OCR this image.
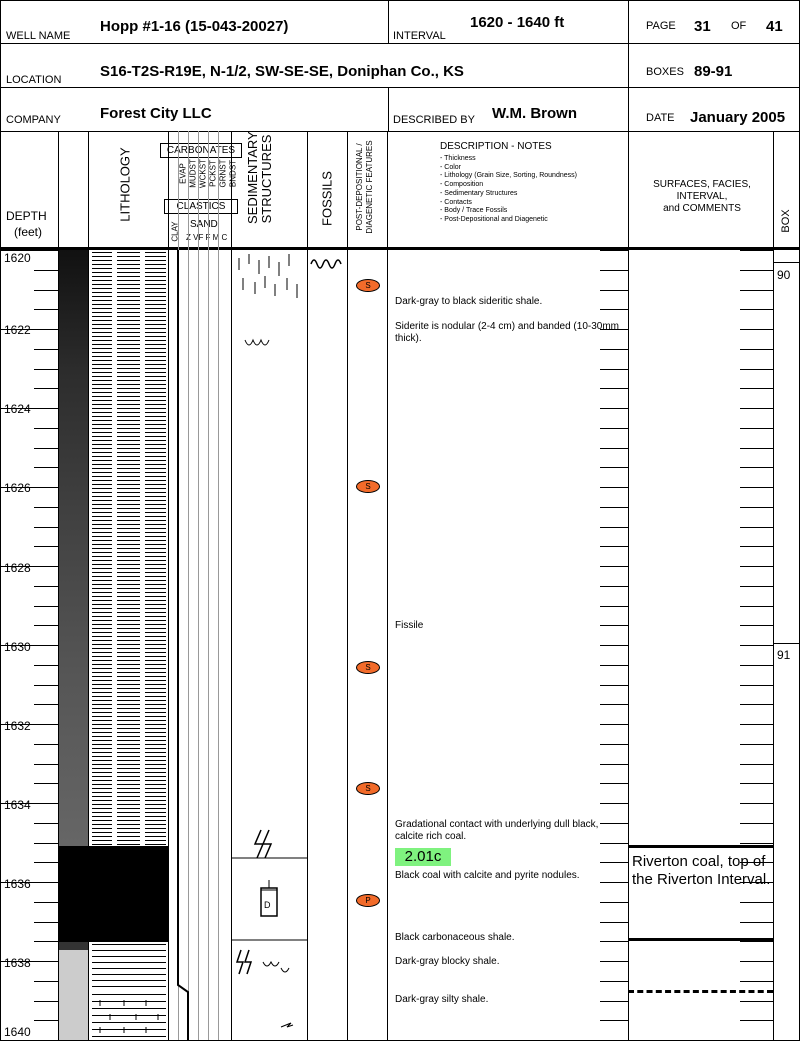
WELL NAME
Hopp #1-16 (15-043-20027)
INTERVAL
1620 - 1640 ft	PAGE 31 OF 41
LOCATION	S16-T2S-R19E, N-1/2, SW-SE-SE, Doniphan Co., KS	BOXES 89-91
COMPANY	Forest City LLC	DESCRIBED BY W.M. Brown	DATE January 2005
DEPTH
(feet)
LITHOLOGY	CARBONATES
EVAP MUDST WCKST PCKST GRNST BNDST
CLASTICS
CLAY SAND
Z VF F M C
SEDIMENTARY
STRUCTURES	FOSSILS	POST-DEPOSITIONAL /
DIAGENETIC FEATURES	DESCRIPTION - NOTES
- Thickness
- Color
- Lithology (Grain Size, Sorting, Roundness)
- Composition
- Sedimentary Structures
- Contacts
- Body / Trace Fossils
- Post-Depositional and Diagenetic
SURFACES, FACIES,
INTERVAL,
and COMMENTS
BOX
D
S
S
S
S
P
1620
1622
1624
1626
1628
1630
1632
1634
1636
1638
1640
Dark-gray to black sideritic shale.
Siderite is nodular (2-4 cm) and banded (10-30mm thick).
Fissile
Gradational contact with underlying dull black, calcite rich coal.
2.01c
Black coal with calcite and pyrite nodules.
Black carbonaceous shale.
Dark-gray blocky shale.
Dark-gray silty shale.
Riverton coal, top of the Riverton Interval.
90
91
